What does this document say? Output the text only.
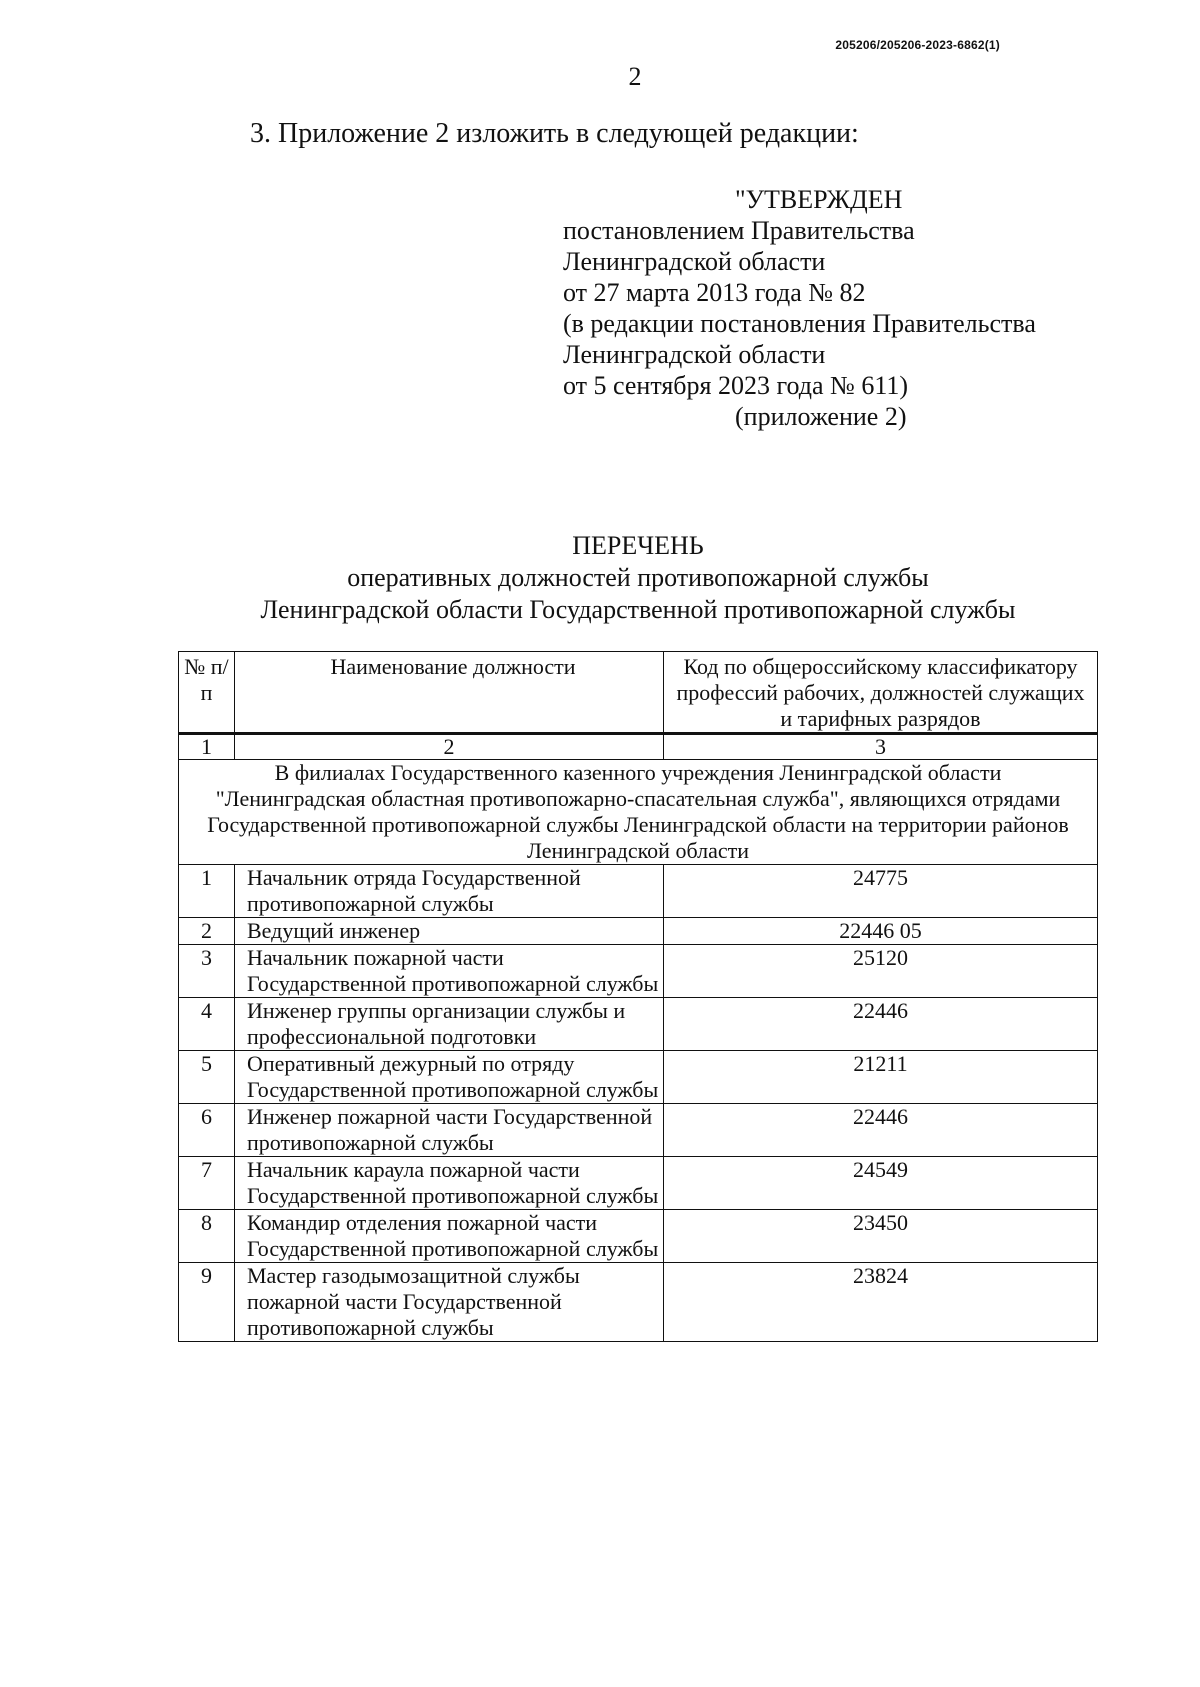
205206/205206-2023-6862(1)
2
3. Приложение 2 изложить в следующей редакции:
"УТВЕРЖДЕН
постановлением Правительства
Ленинградской области
от 27 марта 2013 года № 82
(в редакции постановления Правительства
Ленинградской области
от 5 сентября 2023 года № 611)
(приложение 2)
ПЕРЕЧЕНЬ
оперативных должностей противопожарной службы
Ленинградской области Государственной противопожарной службы
№ п/п	Наименование должности	Код по общероссийскому классификатору профессий рабочих, должностей служащих и тарифных разрядов
1	2	3
В филиалах Государственного казенного учреждения Ленинградской области "Ленинградская областная противопожарно-спасательная служба", являющихся отрядами Государственной противопожарной службы Ленинградской области на территории районов Ленинградской области		
1	Начальник отряда Государственной противопожарной службы	24775
2	Ведущий инженер	22446 05
3	Начальник пожарной части Государственной противопожарной службы	25120
4	Инженер группы организации службы и профессиональной подготовки	22446
5	Оперативный дежурный по отряду Государственной противопожарной службы	21211
6	Инженер пожарной части Государственной противопожарной службы	22446
7	Начальник караула пожарной части Государственной противопожарной службы	24549
8	Командир отделения пожарной части Государственной противопожарной службы	23450
9	Мастер газодымозащитной службы пожарной части Государственной противопожарной службы	23824
